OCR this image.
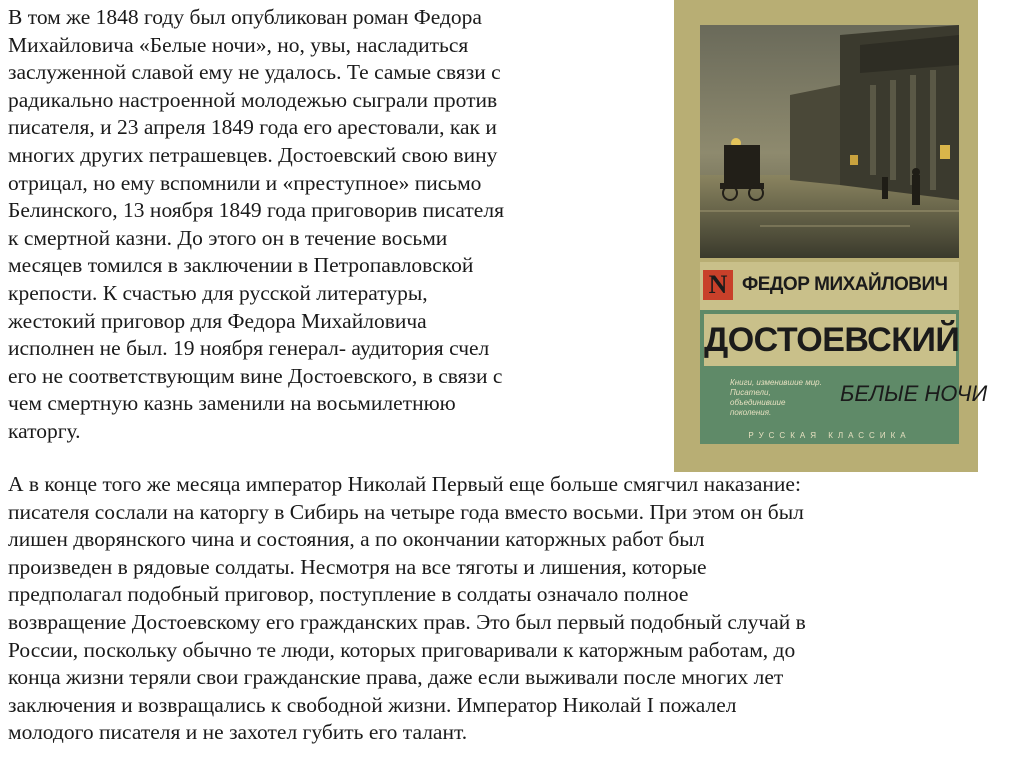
В том же 1848 году был опубликован роман Федора
Михайловича «Белые ночи», но, увы, насладиться
заслуженной славой ему не удалось. Те самые связи с
радикально настроенной молодежью сыграли против
писателя, и 23 апреля 1849 года его арестовали, как и
многих других петрашевцев. Достоевский свою вину
отрицал, но ему вспомнили и «преступное» письмо
Белинского, 13 ноября 1849 года приговорив писателя
к смертной казни. До этого он в течение восьми
месяцев томился в заключении в Петропавловской
крепости. К счастью для русской литературы,
жестокий приговор для Федора Михайловича
исполнен не был. 19 ноября генерал- аудитория счел
его не соответствующим вине Достоевского, в связи с
чем смертную казнь заменили на восьмилетнюю
каторгу.
N ФЕДОР МИХАЙЛОВИЧ
ДОСТОЕВСКИЙ
Книги, изменившие мир. Писатели, объединившие поколения.
БЕЛЫЕ НОЧИ
РУССКАЯ КЛАССИКА
А в конце того же месяца император Николай Первый еще больше смягчил наказание:
писателя сослали на каторгу в Сибирь на четыре года вместо восьми. При этом он был
лишен дворянского чина и состояния, а по окончании каторжных работ был
произведен в рядовые солдаты. Несмотря на все тяготы и лишения, которые
предполагал подобный приговор, поступление в солдаты означало полное
возвращение Достоевскому его гражданских прав. Это был первый подобный случай в
России, поскольку обычно те люди, которых приговаривали к каторжным работам, до
конца жизни теряли свои гражданские права, даже если выживали после многих лет
заключения и возвращались к свободной жизни. Император Николай I пожалел
молодого писателя и не захотел губить его талант.
